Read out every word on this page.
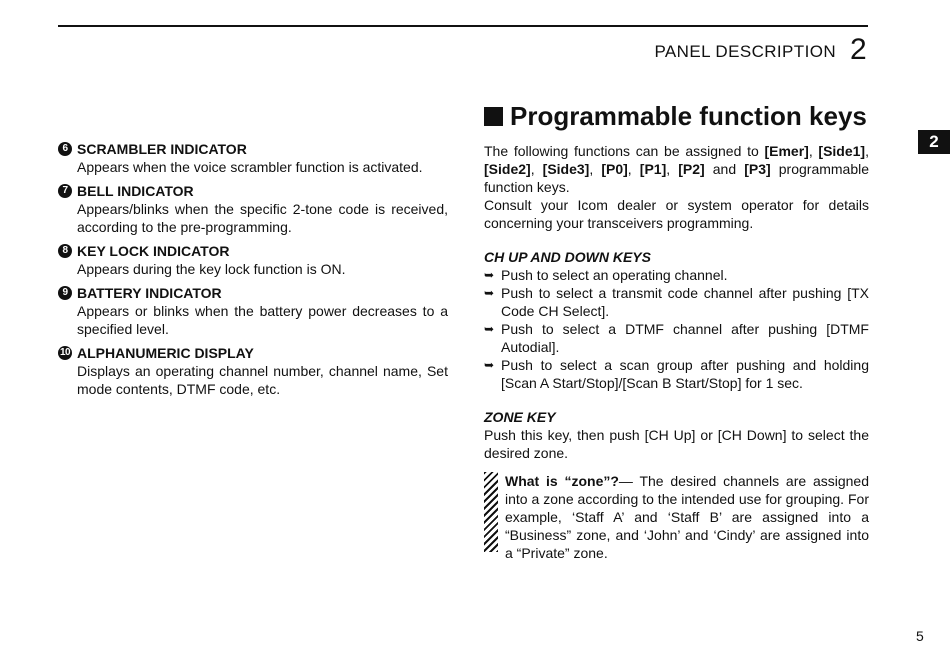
PANEL DESCRIPTION 2
2
6 SCRAMBLER INDICATOR
Appears when the voice scrambler function is activated.
7 BELL INDICATOR
Appears/blinks when the specific 2-tone code is received, according to the pre-programming.
8 KEY LOCK INDICATOR
Appears during the key lock function is ON.
9 BATTERY INDICATOR
Appears or blinks when the battery power decreases to a specified level.
10 ALPHANUMERIC DISPLAY
Displays an operating channel number, channel name, Set mode contents, DTMF code, etc.
Programmable function keys
The following functions can be assigned to [Emer], [Side1], [Side2], [Side3], [P0], [P1], [P2] and [P3] programmable function keys.
Consult your Icom dealer or system operator for details concerning your transceivers programming.
CH UP AND DOWN KEYS
➥ Push to select an operating channel.
➥ Push to select a transmit code channel after pushing [TX Code CH Select].
➥ Push to select a DTMF channel after pushing [DTMF Autodial].
➥ Push to select a scan group after pushing and holding [Scan A Start/Stop]/[Scan B Start/Stop] for 1 sec.
ZONE KEY
Push this key, then push [CH Up] or [CH Down] to select the desired zone.
What is “zone”?— The desired channels are assigned into a zone according to the intended use for grouping. For example, ‘Staff A’ and ‘Staff B’ are assigned into a “Business” zone, and ‘John’ and ‘Cindy’ are assigned into a “Private” zone.
5
